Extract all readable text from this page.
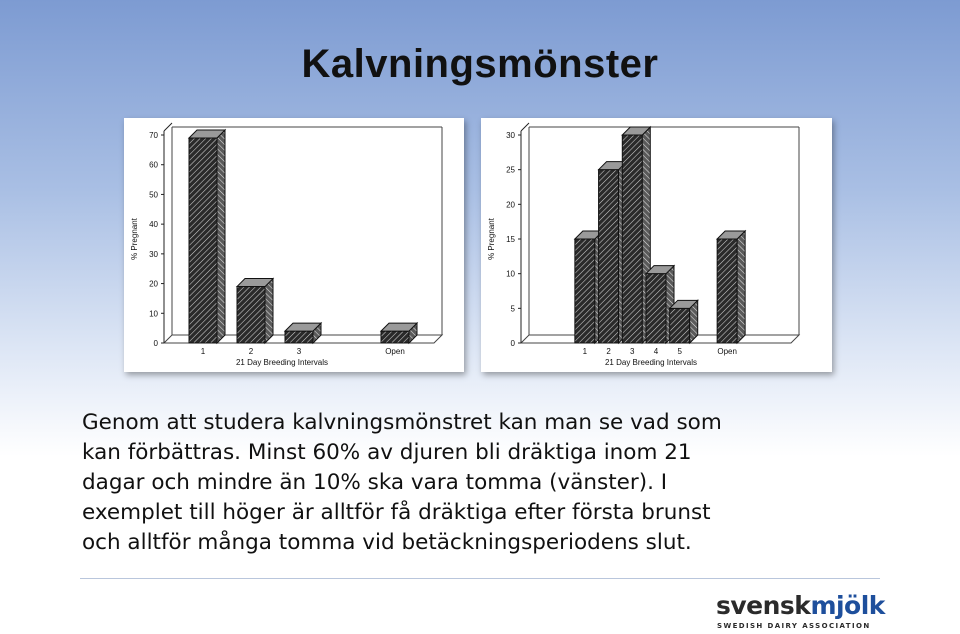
Kalvningsmönster
0
10
20
30
40
50
60
70
1	2	3	Open
21 Day Breeding Intervals
% Pregnant
0
5
10
15
20
25
30
1 2 3 4 5	Open
21 Day Breeding Intervals
% Pregnant
Genom att studera kalvningsmönstret kan man se vad som
kan förbättras. Minst 60% av djuren bli dräktiga inom 21
dagar och mindre än 10% ska vara tomma (vänster). I
exemplet till höger är alltför få dräktiga efter första brunst
och alltför många tomma vid betäckningsperiodens slut.
svenskmjölk
SWEDISH DAIRY ASSOCIATION
